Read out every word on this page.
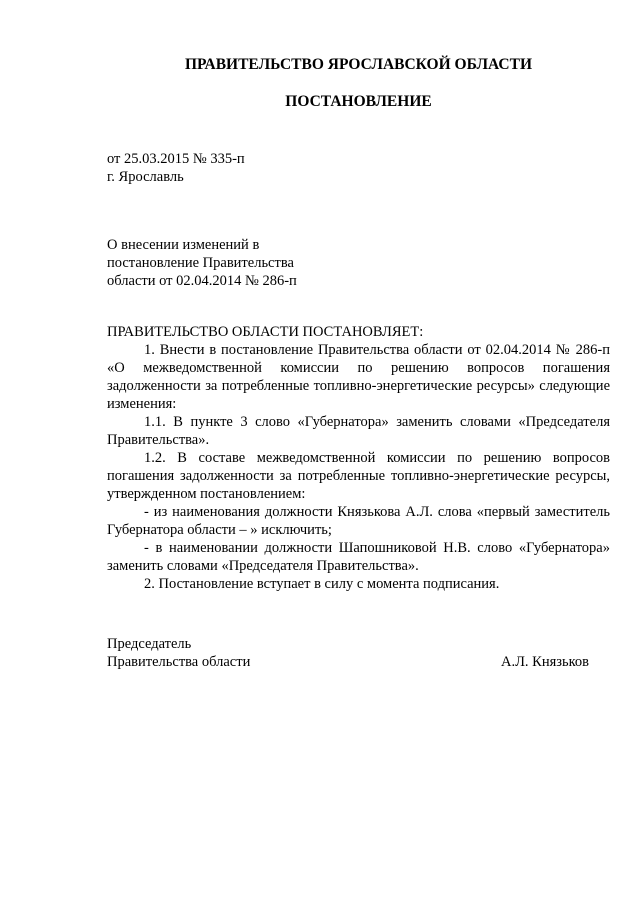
ПРАВИТЕЛЬСТВО ЯРОСЛАВСКОЙ ОБЛАСТИ
ПОСТАНОВЛЕНИЕ
от 25.03.2015 № 335-п
г. Ярославль
О внесении изменений в
постановление Правительства
области от 02.04.2014 № 286-п
ПРАВИТЕЛЬСТВО ОБЛАСТИ ПОСТАНОВЛЯЕТ:
1. Внести в постановление Правительства области от 02.04.2014 № 286-п «О межведомственной комиссии по решению вопросов погашения задолженности за потребленные топливно-энергетические ресурсы» следующие изменения:
1.1. В пункте 3 слово «Губернатора» заменить словами «Председателя Правительства».
1.2. В составе межведомственной комиссии по решению вопросов погашения задолженности за потребленные топливно-энергетические ресурсы, утвержденном постановлением:
- из наименования должности Князькова А.Л. слова «первый заместитель Губернатора области – » исключить;
- в наименовании должности Шапошниковой Н.В. слово «Губернатора» заменить словами «Председателя Правительства».
2. Постановление вступает в силу с момента подписания.
Председатель
Правительства области	А.Л. Князьков
